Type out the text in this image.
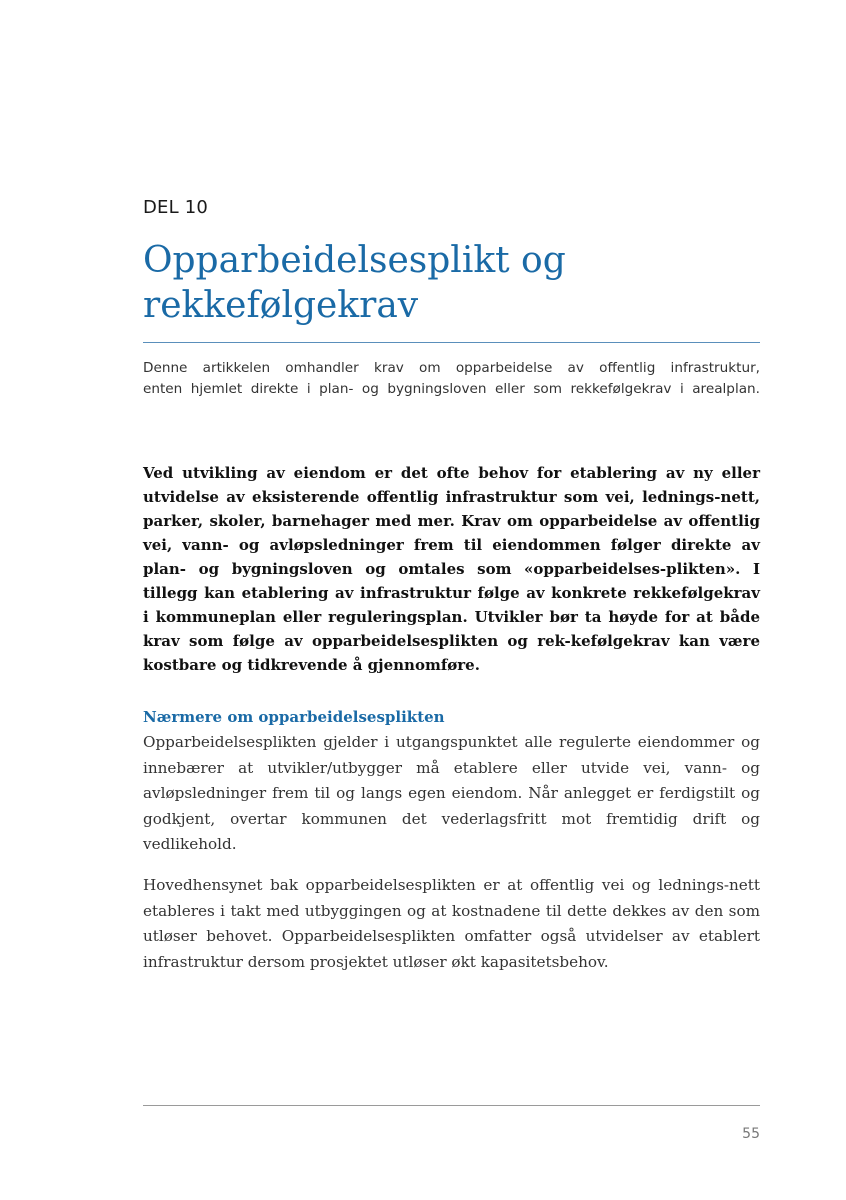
DEL 10
Opparbeidelsesplikt og rekkefølgekrav

Denne artikkelen omhandler krav om opparbeidelse av offentlig infrastruktur,
enten hjemlet direkte i plan- og bygningsloven eller som rekkefølgekrav i arealplan.

Ved utvikling av eiendom er det ofte behov for etablering av ny eller utvidelse av eksisterende offentlig infrastruktur som vei, lednings-nett, parker, skoler, barnehager med mer. Krav om opparbeidelse av offentlig vei, vann- og avløpsledninger frem til eiendommen følger direkte av plan- og bygningsloven og omtales som «opparbeidelses-plikten». I tillegg kan etablering av infrastruktur følge av konkrete rekkefølgekrav i kommuneplan eller reguleringsplan. Utvikler bør ta høyde for at både krav som følge av opparbeidelsesplikten og rek-kefølgekrav kan være kostbare og tidkrevende å gjennomføre.

Nærmere om opparbeidelsesplikten

Opparbeidelsesplikten gjelder i utgangspunktet alle regulerte eiendommer og innebærer at utvikler/utbygger må etablere eller utvide vei, vann- og avløpsledninger frem til og langs egen eiendom. Når anlegget er ferdigstilt og godkjent, overtar kommunen det vederlagsfritt mot fremtidig drift og vedlikehold.

Hovedhensynet bak opparbeidelsesplikten er at offentlig vei og lednings-nett etableres i takt med utbyggingen og at kostnadene til dette dekkes av den som utløser behovet. Opparbeidelsesplikten omfatter også utvidelser av etablert infrastruktur dersom prosjektet utløser økt kapasitetsbehov.

55
